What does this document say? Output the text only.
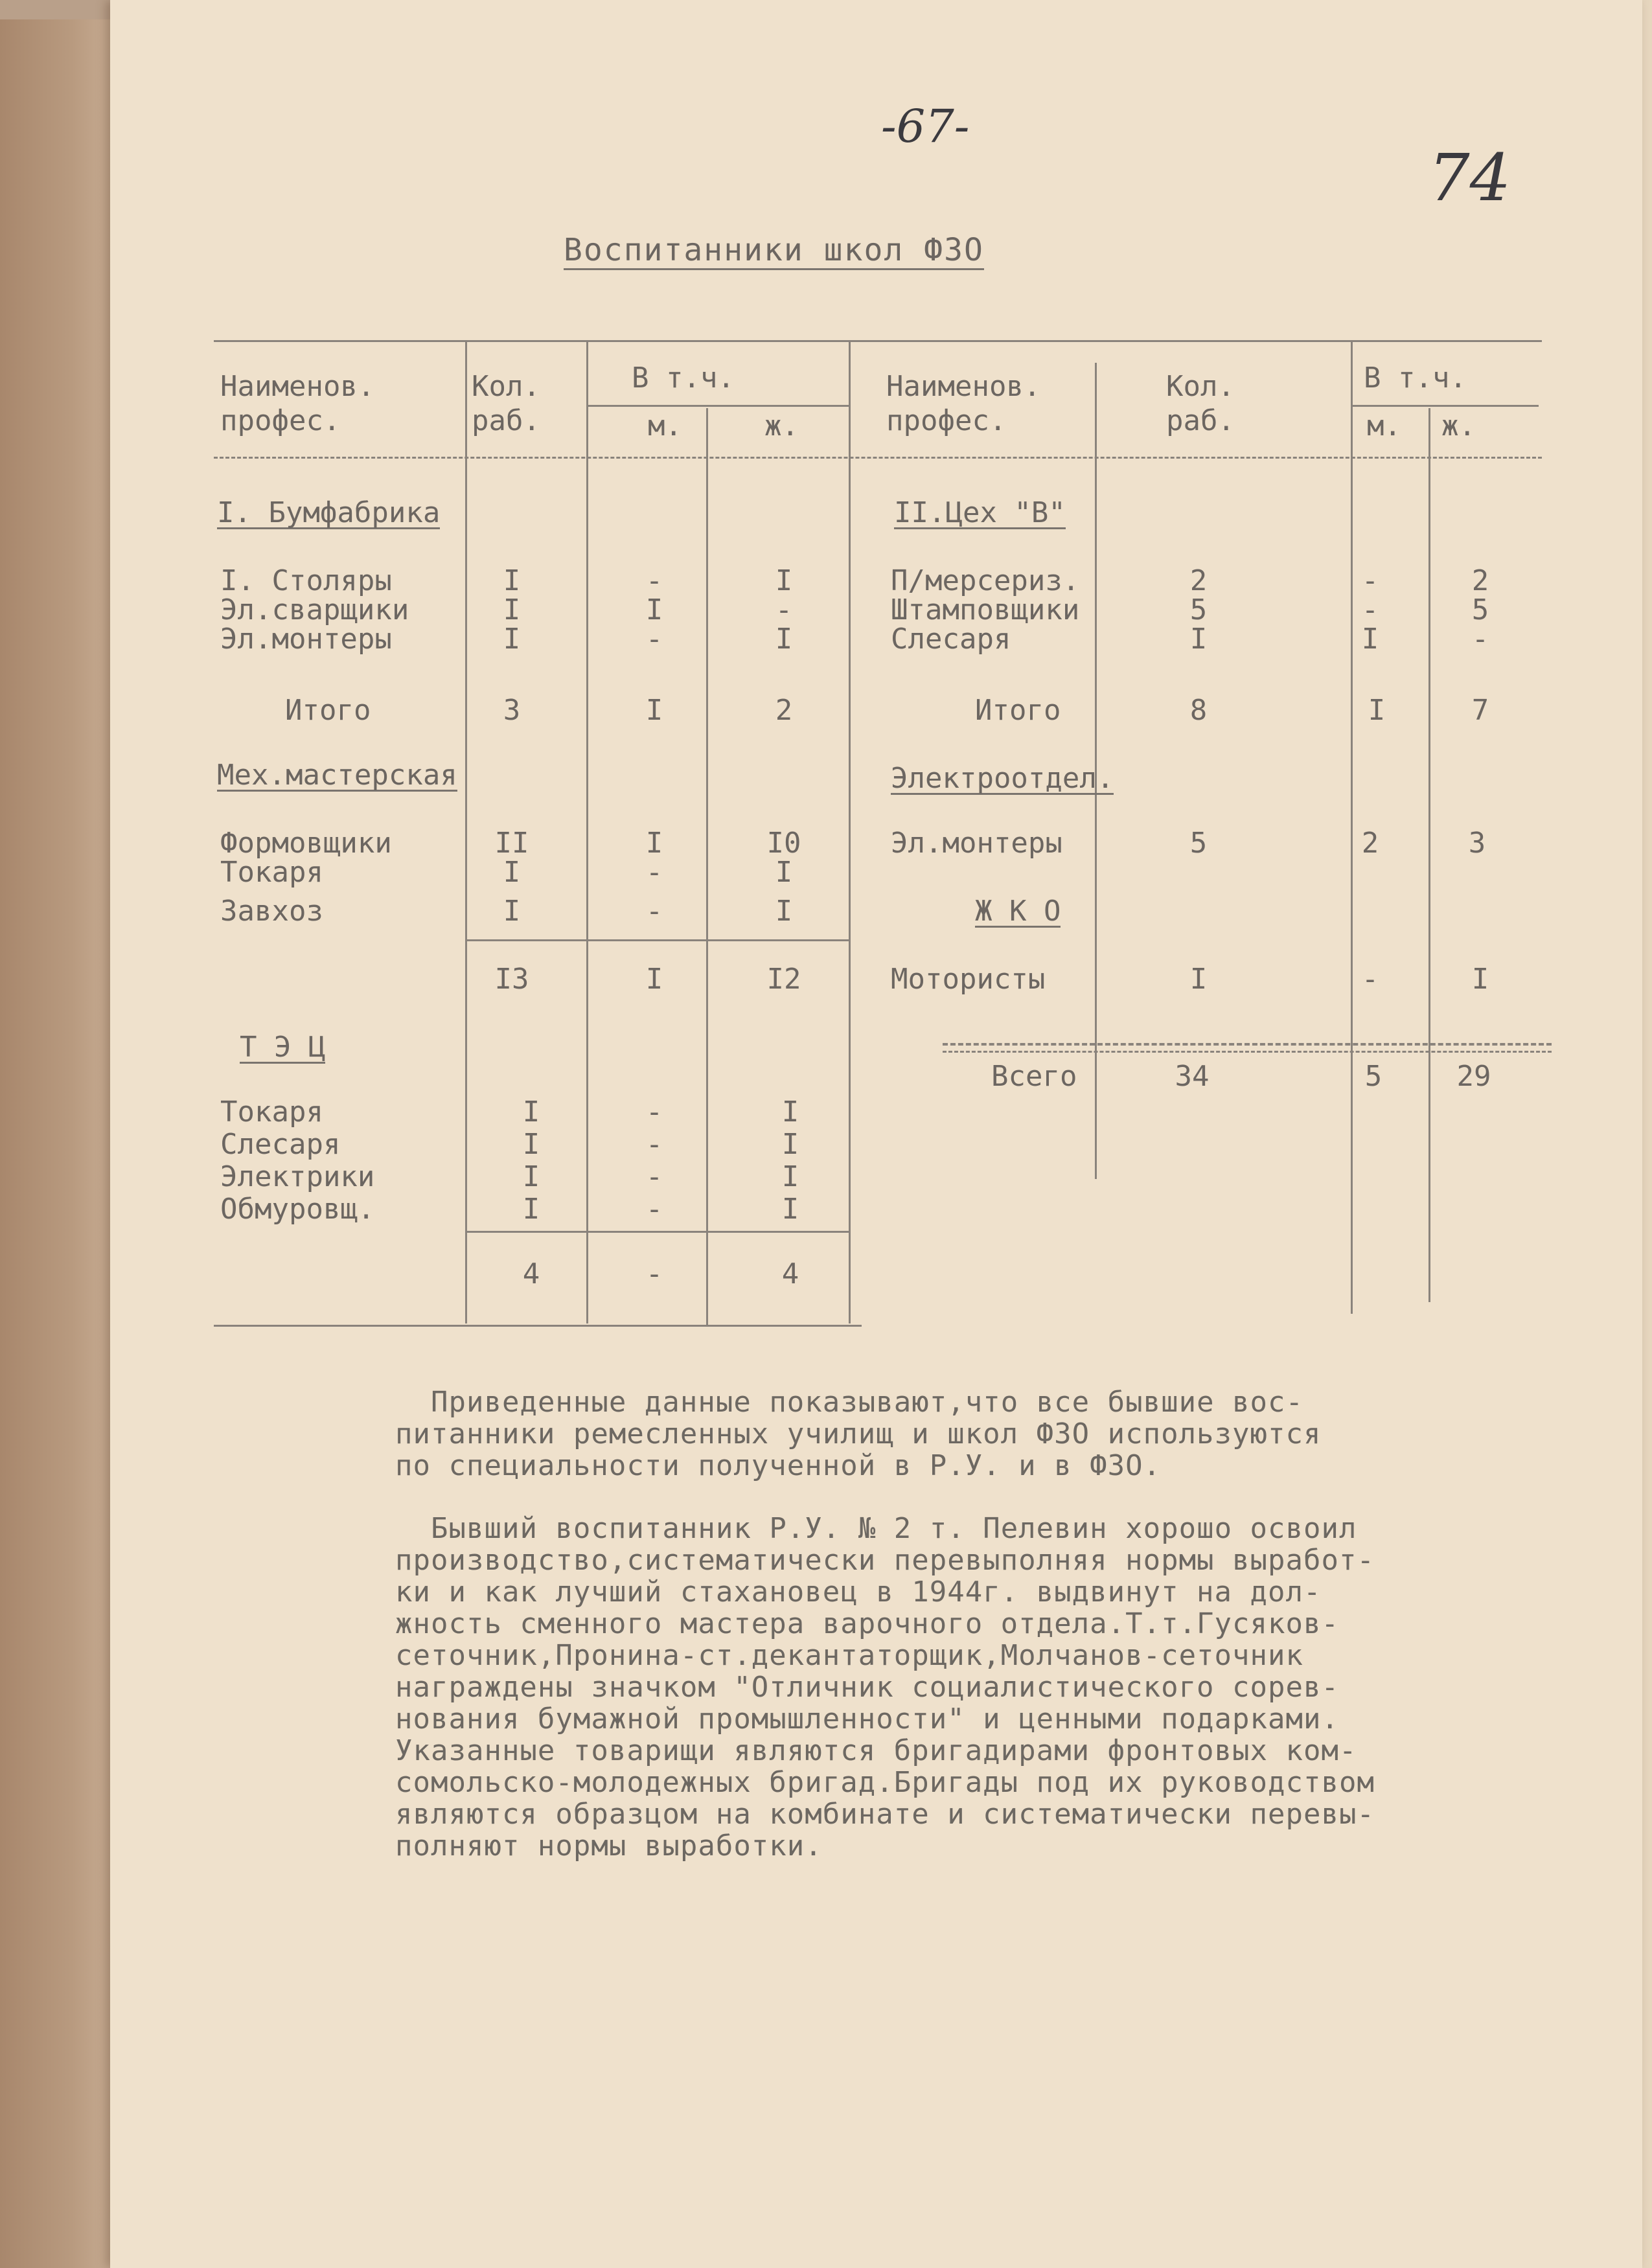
-67-
74
Воспитанники школ ФЗО
Наименов.
профес.
Кол.
раб.
В т.ч.
м.	ж.
Наименов.
профес.
Кол.
раб.
В т.ч.
м. ж.
I. Бумфабрика
I. Столяры	I	-	I
Эл.сварщики	I	I	-
Эл.монтеры	I	-	I
Итого	3	I	2
Мех.мастерская
Формовщики	II	I	I0
Токаря	I	-	I
Завхоз	I	-	I
I3	I	I2
Т Э Ц
Токаря	I	-	I
Слесаря	I	-	I
Электрики	I	-	I
Обмуровщ.	I	-	I
4	-	4
II.Цех "В"
П/мерсериз.	2	-	2
Штамповщики	5	-	5
Слесаря	I	I	-
Итого	8	I	7
Электроотдел.
Эл.монтеры	5	2	3
Ж К О
Мотористы	I	-	I
Всего	34	5	29
Приведенные данные показывают,что все бывшие вос-
питанники ремесленных училищ и школ ФЗО используются
по специальности полученной в Р.У. и в ФЗО.
Бывший воспитанник Р.У. № 2 т. Пелевин хорошо освоил
производство,систематически перевыполняя нормы выработ-
ки и как лучший стахановец в 1944г. выдвинут на дол-
жность сменного мастера варочного отдела.Т.т.Гусяков-
сеточник,Пронина-ст.декантаторщик,Молчанов-сеточник
награждены значком "Отличник социалистического сорев-
нования бумажной промышленности" и ценными подарками.
Указанные товарищи являются бригадирами фронтовых ком-
сомольско-молодежных бригад.Бригады под их руководством
являются образцом на комбинате и систематически перевы-
полняют нормы выработки.
